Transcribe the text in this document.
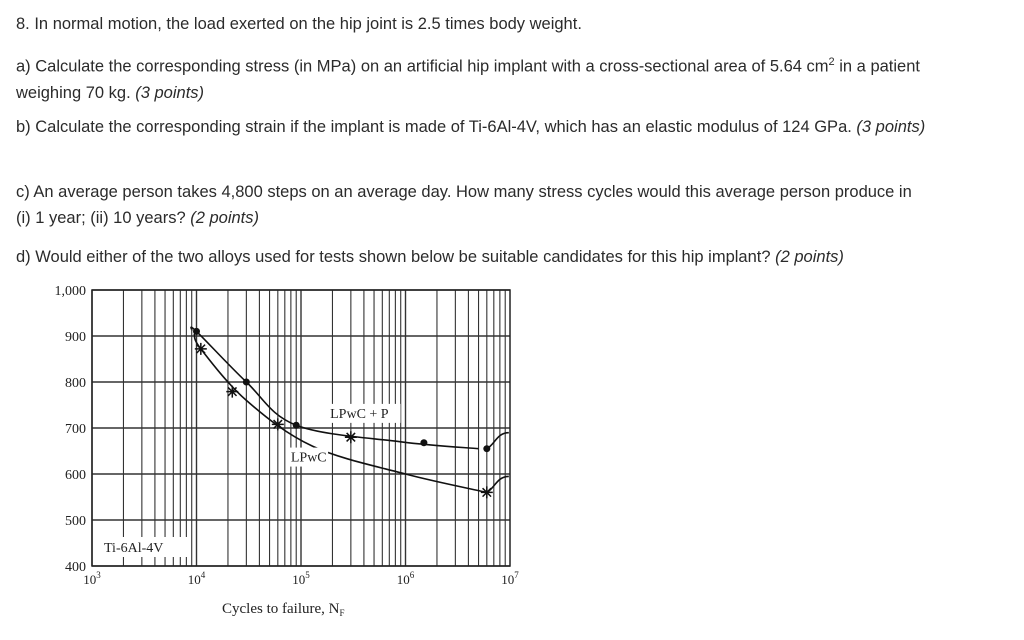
8. In normal motion, the load exerted on the hip joint is 2.5 times body weight.
a) Calculate the corresponding stress (in MPa) on an artificial hip implant with a cross-sectional area of 5.64 $cm^2$ in a patient weighing 70 kg. (3 points)
b) Calculate the corresponding strain if the implant is made of Ti-6Al-4V, which has an elastic modulus of 124 GPa. (3 points)
c) An average person takes 4,800 steps on an average day. How many stress cycles would this average person produce in (i) 1 year; (ii) 10 years? (2 points)
d) Would either of the two alloys used for tests shown below be suitable candidates for this hip implant? (2 points)
400
500
600
700
800
900
1,000
$10^3$	$10^4$	$10^5$	$10^6$	$10^7$
LPwC + P
LPwC
Cycles to failure, $N_F$
Ti-6Al-4V
